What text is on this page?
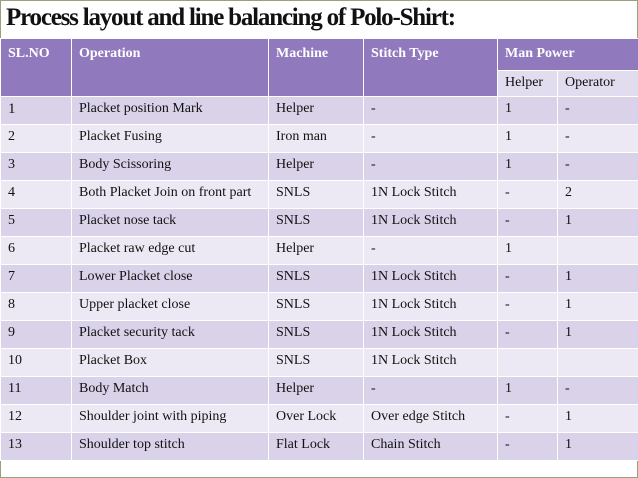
Process layout and line balancing of Polo-Shirt:
SL.NO	Operation	Machine	Stitch Type	Man Power	
				Helper	Operator
1	Placket position Mark	Helper	-	1	-
2	Placket Fusing	Iron man	-	1	-
3	Body Scissoring	Helper	-	1	-
4	Both Placket Join on front part	SNLS	1N Lock Stitch	-	2
5	Placket nose tack	SNLS	1N Lock Stitch	-	1
6	Placket raw edge cut	Helper	-	1	
7	Lower Placket close	SNLS	1N Lock Stitch	-	1
8	Upper placket close	SNLS	1N Lock Stitch	-	1
9	Placket security tack	SNLS	1N Lock Stitch	-	1
10	Placket Box	SNLS	1N Lock Stitch		
11	Body Match	Helper	-	1	-
12	Shoulder joint with piping	Over Lock	Over edge Stitch	-	1
13	Shoulder top stitch	Flat Lock	Chain Stitch	-	1
